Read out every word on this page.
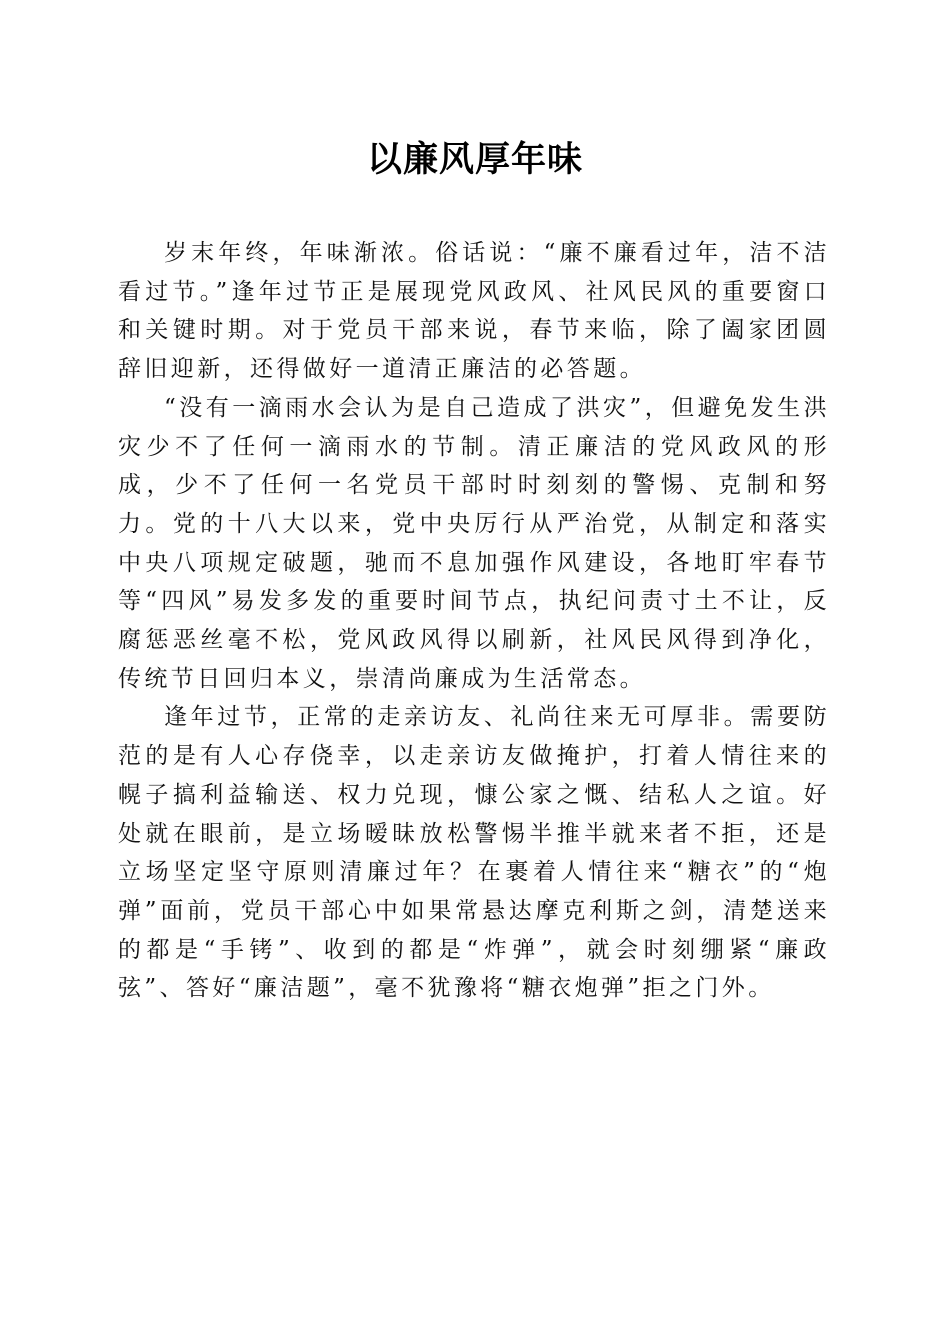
以廉风厚年味

岁末年终，年味渐浓。俗话说：“廉不廉看过年，洁不洁看过节。”逢年过节正是展现党风政风、社风民风的重要窗口和关键时期。对于党员干部来说，春节来临，除了阖家团圆辞旧迎新，还得做好一道清正廉洁的必答题。

“没有一滴雨水会认为是自己造成了洪灾”，但避免发生洪灾少不了任何一滴雨水的节制。清正廉洁的党风政风的形成，少不了任何一名党员干部时时刻刻的警惕、克制和努力。党的十八大以来，党中央厉行从严治党，从制定和落实中央八项规定破题，驰而不息加强作风建设，各地盯牢春节等“四风”易发多发的重要时间节点，执纪问责寸土不让，反腐惩恶丝毫不松，党风政风得以刷新，社风民风得到净化，传统节日回归本义，崇清尚廉成为生活常态。

逢年过节，正常的走亲访友、礼尚往来无可厚非。需要防范的是有人心存侥幸，以走亲访友做掩护，打着人情往来的幌子搞利益输送、权力兑现，慷公家之慨、结私人之谊。好处就在眼前，是立场暧昧放松警惕半推半就来者不拒，还是立场坚定坚守原则清廉过年？在裹着人情往来“糖衣”的“炮弹”面前，党员干部心中如果常悬达摩克利斯之剑，清楚送来的都是“手铐”、收到的都是“炸弹”，就会时刻绷紧“廉政弦”、答好“廉洁题”，毫不犹豫将“糖衣炮弹”拒之门外。
